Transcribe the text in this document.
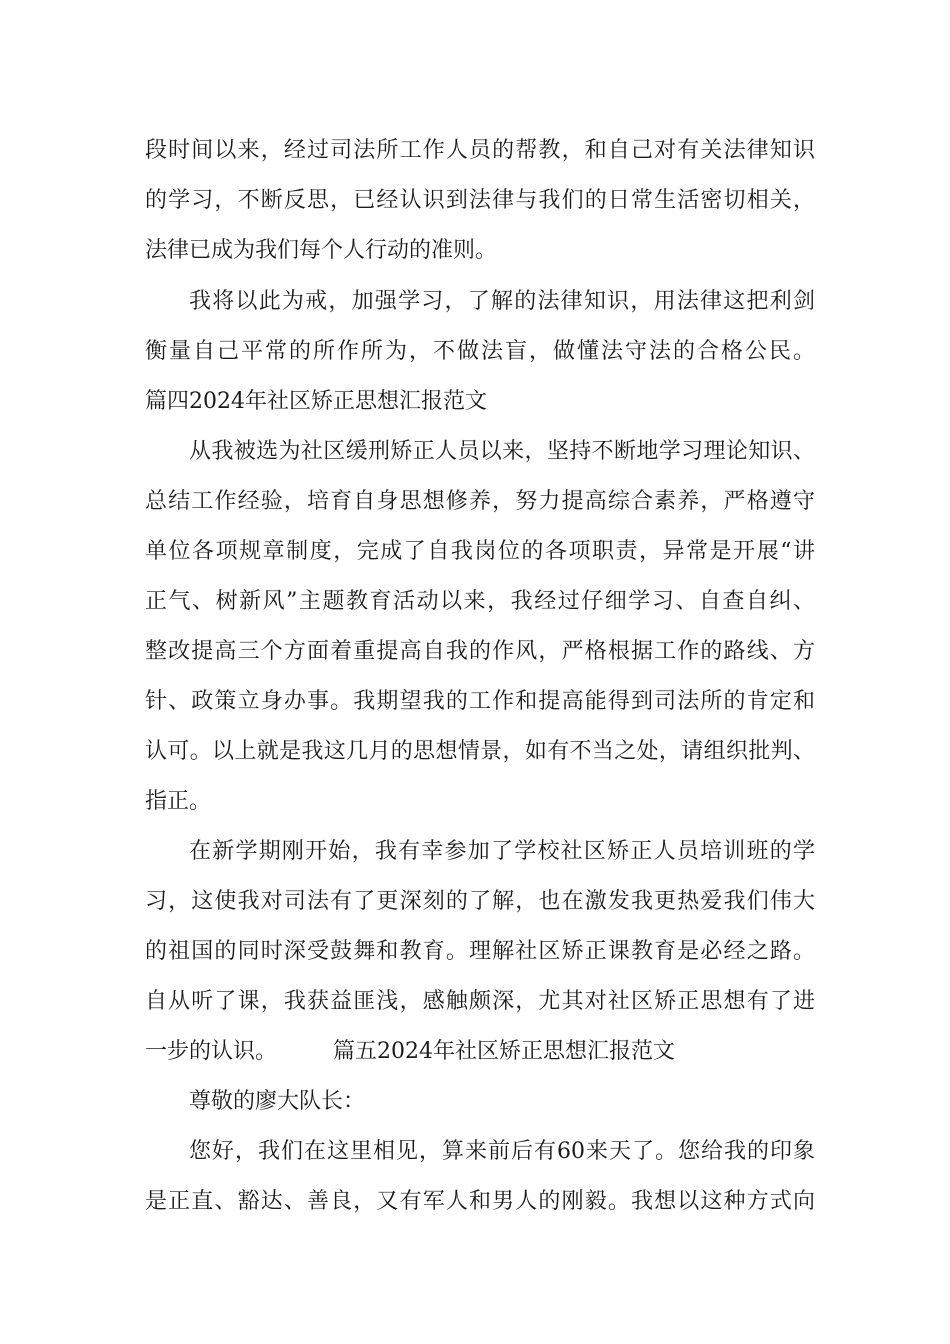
段时间以来，经过司法所工作人员的帮教，和自己对有关法律知识
的学习，不断反思，已经认识到法律与我们的日常生活密切相关，
法律已成为我们每个人行动的准则。
我将以此为戒，加强学习，了解的法律知识，用法律这把利剑
衡量自己平常的所作所为，不做法盲，做懂法守法的合格公民。
篇四2024年社区矫正思想汇报范文
从我被选为社区缓刑矫正人员以来，坚持不断地学习理论知识、
总结工作经验，培育自身思想修养，努力提高综合素养，严格遵守
单位各项规章制度，完成了自我岗位的各项职责，异常是开展“讲
正气、树新风”主题教育活动以来，我经过仔细学习、自查自纠、
整改提高三个方面着重提高自我的作风，严格根据工作的路线、方
针、政策立身办事。我期望我的工作和提高能得到司法所的肯定和
认可。以上就是我这几月的思想情景，如有不当之处，请组织批判、
指正。
在新学期刚开始，我有幸参加了学校社区矫正人员培训班的学
习，这使我对司法有了更深刻的了解，也在激发我更热爱我们伟大
的祖国的同时深受鼓舞和教育。理解社区矫正课教育是必经之路。
自从听了课，我获益匪浅，感触颇深，尤其对社区矫正思想有了进
一步的认识。	篇五2024年社区矫正思想汇报范文
尊敬的廖大队长：
您好，我们在这里相见，算来前后有60来天了。您给我的印象
是正直、豁达、善良，又有军人和男人的刚毅。我想以这种方式向
